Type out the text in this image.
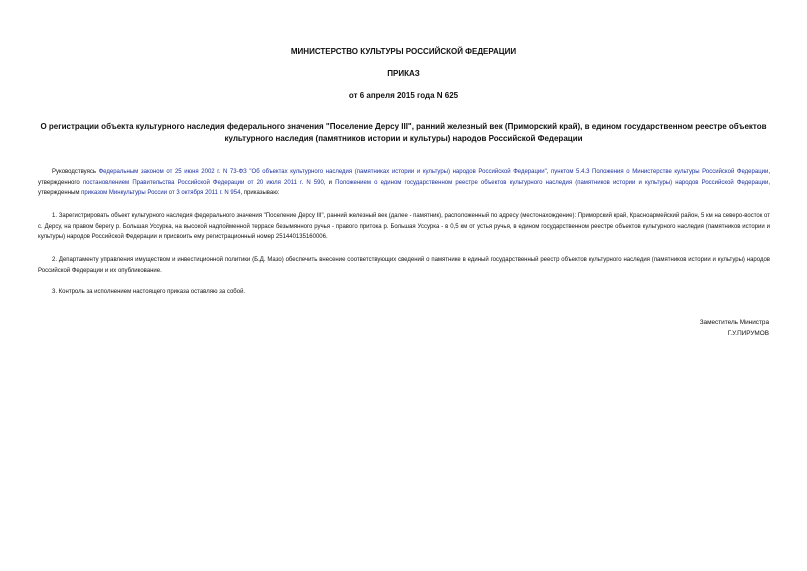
МИНИСТЕРСТВО КУЛЬТУРЫ РОССИЙСКОЙ ФЕДЕРАЦИИ
ПРИКАЗ
от 6 апреля 2015 года N 625
О регистрации объекта культурного наследия федерального значения "Поселение Дерсу III", ранний железный век (Приморский край), в едином государственном реестре объектов культурного наследия (памятников истории и культуры) народов Российской Федерации

Руководствуясь Федеральным законом от 25 июня 2002 г. N 73-ФЗ "Об объектах культурного наследия (памятниках истории и культуры) народов Российской Федерации", пунктом 5.4.3 Положения о Министерстве культуры Российской Федерации, утвержденного постановлением Правительства Российской Федерации от 20 июля 2011 г. N 590, и Положением о едином государственном реестре объектов культурного наследия (памятников истории и культуры) народов Российской Федерации, утвержденным приказом Минкультуры России от 3 октября 2011 г. N 954, приказываю:

1. Зарегистрировать объект культурного наследия федерального значения "Поселение Дерсу III", ранний железный век (далее - памятник), расположенный по адресу (местонахождение): Приморский край, Красноармейский район, 5 км на северо-восток от с. Дерсу, на правом берегу р. Большая Уссурка, на высокой надпойменной террасе безымянного ручья - правого притока р. Большая Уссурка - в 0,5 км от устья ручья, в едином государственном реестре объектов культурного наследия (памятников истории и культуры) народов Российской Федерации и присвоить ему регистрационный номер 251440135160006.

2. Департаменту управления имуществом и инвестиционной политики (Б.Д. Мазо) обеспечить внесение соответствующих сведений о памятнике в единый государственный реестр объектов культурного наследия (памятников истории и культуры) народов Российской Федерации и их опубликование.

3. Контроль за исполнением настоящего приказа оставляю за собой.

Заместитель Министра
Г.У.ПИРУМОВ
